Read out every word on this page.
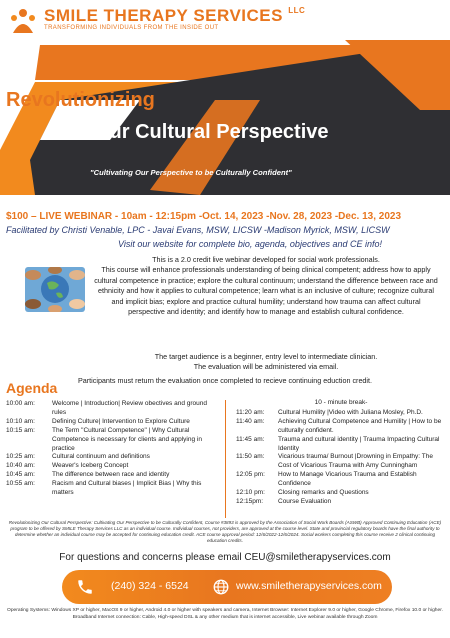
SMILE THERAPY SERVICES $^{LLC}$
TRANSFORMING INDIVIDUALS FROM THE INSIDE OUT
Revolutionizing
Our Cultural Perspective
"Cultivating Our Perspective to be Culturally Confident"
$100 – LIVE WEBINAR - 10am - 12:15pm -Oct. 14, 2023 -Nov. 28, 2023 -Dec. 13, 2023
Facilitated by Christi Venable, LPC - Javai Evans, MSW, LICSW -Madison Myrick, MSW, LICSW
Visit our website for complete bio, agenda, objectives and CE info!
This is a 2.0 credit live webinar developed for social work professionals.
This course will enhance professionals understanding of being clinical competent; address how to apply cultural competence in practice; explore the cultural continuum; understand the difference between race and ethnicity and how it applies to cultural competence; learn what is an inclusive of culture; recognize cultural and implicit bias; explore and practice cultural humility; understand how trauma can affect cultural perspective and identity; and identify how to manage and establish cultural confidence.
The target audience is a beginner, entry level to intermediate clinician.
The evaluation will be administered via email.
Participants must return the evaluation once completed to recieve continuing eduction credit.
Agenda
10:00 am:	Welcome | Introduction| Review obectives and ground rules
10:10 am:	Defining Culture| Intervention to Explore Culture
10:15 am:	The Term "Cultural Competence" | Why Cultural Competence is necessary for clients and applying in practice
10:25 am:	Cultural continuum and definitions
10:40 am:	Weaver's Iceberg Concept
10:45 am:	The difference between race and identity
10:55 am:	Racism and Cultural biases | Implicit Bias | Why this matters
10 - minute break-
11:20 am:	Cultural Humility |Video with Juliana Mosley, Ph.D.
11:40 am:	Achieving Cultural Competence and Humility | How to be culturally confident.
11:45 am:	Trauma and cultural identity | Trauma Impacting Cultural Identity
11:50 am:	Vicarious trauma/ Burnout |Drowning in Empathy: The Cost of Vicarious Trauma with Amy Cunningham
12:05 pm:	How to Manage Vicarious Trauma and Establish Confidence
12:10 pm:	Closing remarks and Questions
12:15pm:	Course Evaluation
Revolutionizing Our Cultural Perspective: Cultivating Our Perspective to be Culturally Confident, Course #3893 is approved by the Association of Social Work Boards (ASWB) Approved Continuing Education (ACE) program to be offered by SMILE Therapy Services LLC as an individual course. Individual courses, not providers, are approved at the course level. State and provincial regulatory boards have the final authority to determine whether an individual course may be accepted for continuing education credit. ACE course approval period: 12/6/2022-12/6/2024. Social workers completing this course receive 2 clinical continuing education credits.
For questions and concerns please email CEU@smiletherapyservices.com
(240) 324 - 6524	www.smiletherapyservices.com
Operating Systems: Windows XP or higher, MacOS 9 or higher, Android 4.0 or higher with speakers and camera, Internet Browser: Internet Explorer 9.0 or higher, Google Chrome, Firefox 10.0 or higher. Broadband Internet connection: Cable, High-speed DSL & any other medium that is internet accessible, Live webinar available through Zoom
